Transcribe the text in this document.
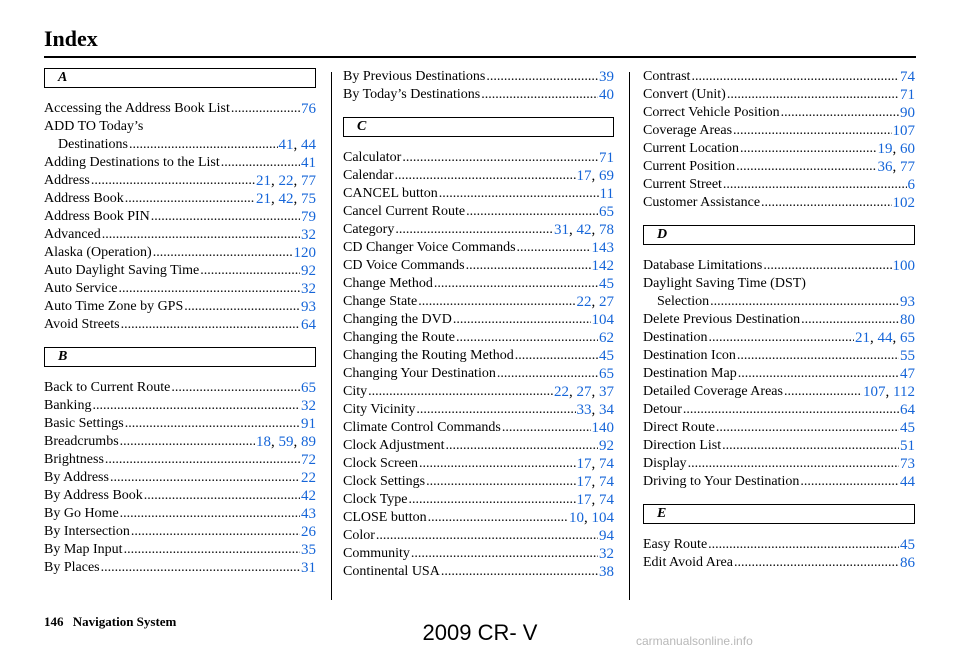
Index
A
Accessing the Address Book List .....	76
ADD TO Today’s
Destinations .....	41, 44
Adding Destinations to the List .....	41
Address .....	21, 22, 77
Address Book .....	21, 42, 75
Address Book PIN .....	79
Advanced .....	32
Alaska (Operation) .....	120
Auto Daylight Saving Time .....	92
Auto Service .....	32
Auto Time Zone by GPS .....	93
Avoid Streets .....	64
B
Back to Current Route .....	65
Banking .....	32
Basic Settings .....	91
Breadcrumbs .....	18, 59, 89
Brightness .....	72
By Address .....	22
By Address Book .....	42
By Go Home .....	43
By Intersection .....	26
By Map Input .....	35
By Places .....	31
By Previous Destinations .....	39
By Today’s Destinations .....	40
C
Calculator .....	71
Calendar .....	17, 69
CANCEL button .....	11
Cancel Current Route .....	65
Category .....	31, 42, 78
CD Changer Voice Commands .....	143
CD Voice Commands .....	142
Change Method .....	45
Change State .....	22, 27
Changing the DVD .....	104
Changing the Route .....	62
Changing the Routing Method .....	45
Changing Your Destination .....	65
City .....	22, 27, 37
City Vicinity .....	33, 34
Climate Control Commands .....	140
Clock Adjustment .....	92
Clock Screen .....	17, 74
Clock Settings .....	17, 74
Clock Type .....	17, 74
CLOSE button .....	10, 104
Color .....	94
Community .....	32
Continental USA .....	38
Contrast .....	74
Convert (Unit) .....	71
Correct Vehicle Position .....	90
Coverage Areas .....	107
Current Location .....	19, 60
Current Position .....	36, 77
Current Street .....	6
Customer Assistance .....	102
D
Database Limitations .....	100
Daylight Saving Time (DST)
Selection .....	93
Delete Previous Destination .....	80
Destination .....	21, 44, 65
Destination Icon .....	55
Destination Map .....	47
Detailed Coverage Areas .....	107, 112
Detour .....	64
Direct Route .....	45
Direction List .....	51
Display .....	73
Driving to Your Destination .....	44
E
Easy Route .....	45
Edit Avoid Area .....	86
146 Navigation System	2009 CR- V	carmanualsonline.info
